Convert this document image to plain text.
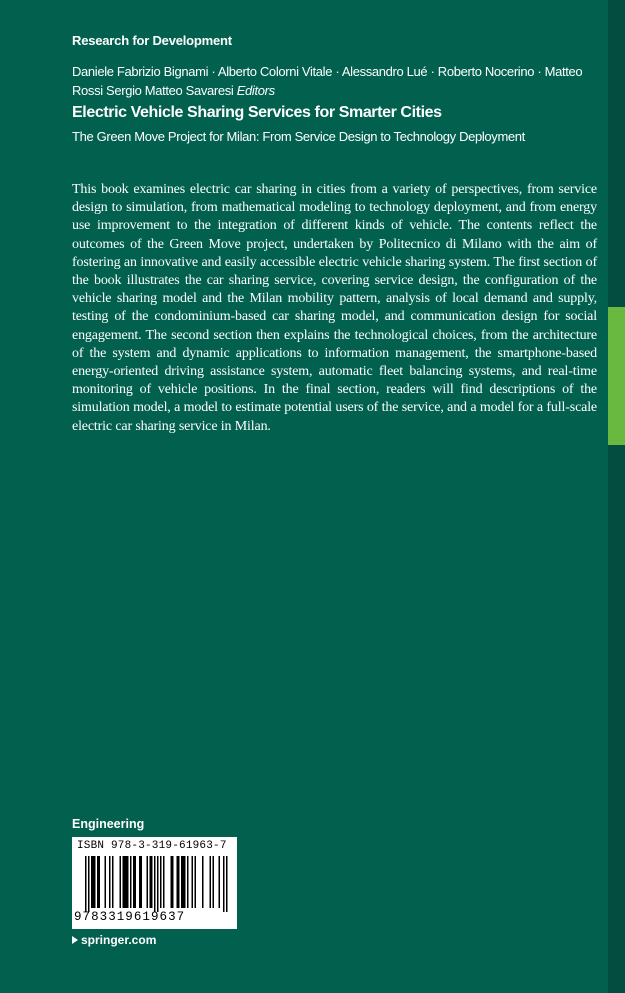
Research for Development
Daniele Fabrizio Bignami · Alberto Colorni Vitale · Alessandro Lué · Roberto Nocerino · Matteo Rossi Sergio Matteo Savaresi Editors
Electric Vehicle Sharing Services for Smarter Cities
The Green Move Project for Milan: From Service Design to Technology Deployment

This book examines electric car sharing in cities from a variety of perspectives, from service design to simulation, from mathematical modeling to technology deployment, and from energy use improvement to the integration of different kinds of vehicle. The contents reflect the outcomes of the Green Move project, undertaken by Politecnico di Milano with the aim of fostering an innovative and easily accessible electric vehicle sharing system. The first section of the book illustrates the car sharing service, covering service design, the configuration of the vehicle sharing model and the Milan mobility pattern, analysis of local demand and supply, testing of the condominium-based car sharing model, and communication design for social engagement. The second section then explains the technological choices, from the architecture of the system and dynamic applications to information management, the smartphone-based energy-oriented driving assistance system, automatic fleet balancing systems, and real-time monitoring of vehicle positions. In the final section, readers will find descriptions of the simulation model, a model to estimate potential users of the service, and a model for a full-scale electric car sharing service in Milan.

Engineering
ISBN 978-3-319-61963-7
9783319619637
springer.com
